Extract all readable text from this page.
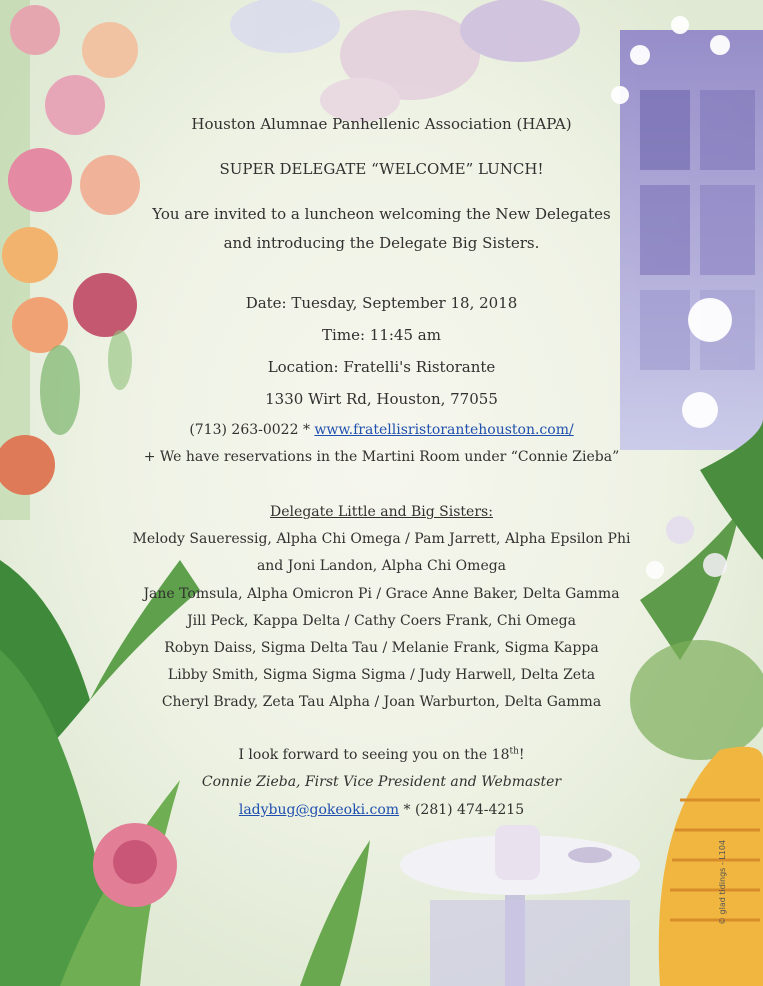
Houston Alumnae Panhellenic Association (HAPA)
SUPER DELEGATE “WELCOME” LUNCH!
You are invited to a luncheon welcoming the New Delegates
and introducing the Delegate Big Sisters.
Date: Tuesday, September 18, 2018
Time: 11:45 am
Location: Fratelli's Ristorante
1330 Wirt Rd, Houston, 77055
(713) 263-0022 * www.fratellisristorantehouston.com/
+ We have reservations in the Martini Room under “Connie Zieba”
Delegate Little and Big Sisters:
Melody Saueressig, Alpha Chi Omega / Pam Jarrett, Alpha Epsilon Phi
and Joni Landon, Alpha Chi Omega
Jane Tomsula, Alpha Omicron Pi / Grace Anne Baker, Delta Gamma
Jill Peck, Kappa Delta / Cathy Coers Frank, Chi Omega
Robyn Daiss, Sigma Delta Tau / Melanie Frank, Sigma Kappa
Libby Smith, Sigma Sigma Sigma / Judy Harwell, Delta Zeta
Cheryl Brady, Zeta Tau Alpha / Joan Warburton, Delta Gamma
I look forward to seeing you on the 18th!
Connie Zieba, First Vice President and Webmaster
ladybug@gokeoki.com * (281) 474-4215
© glad tidings - L104
